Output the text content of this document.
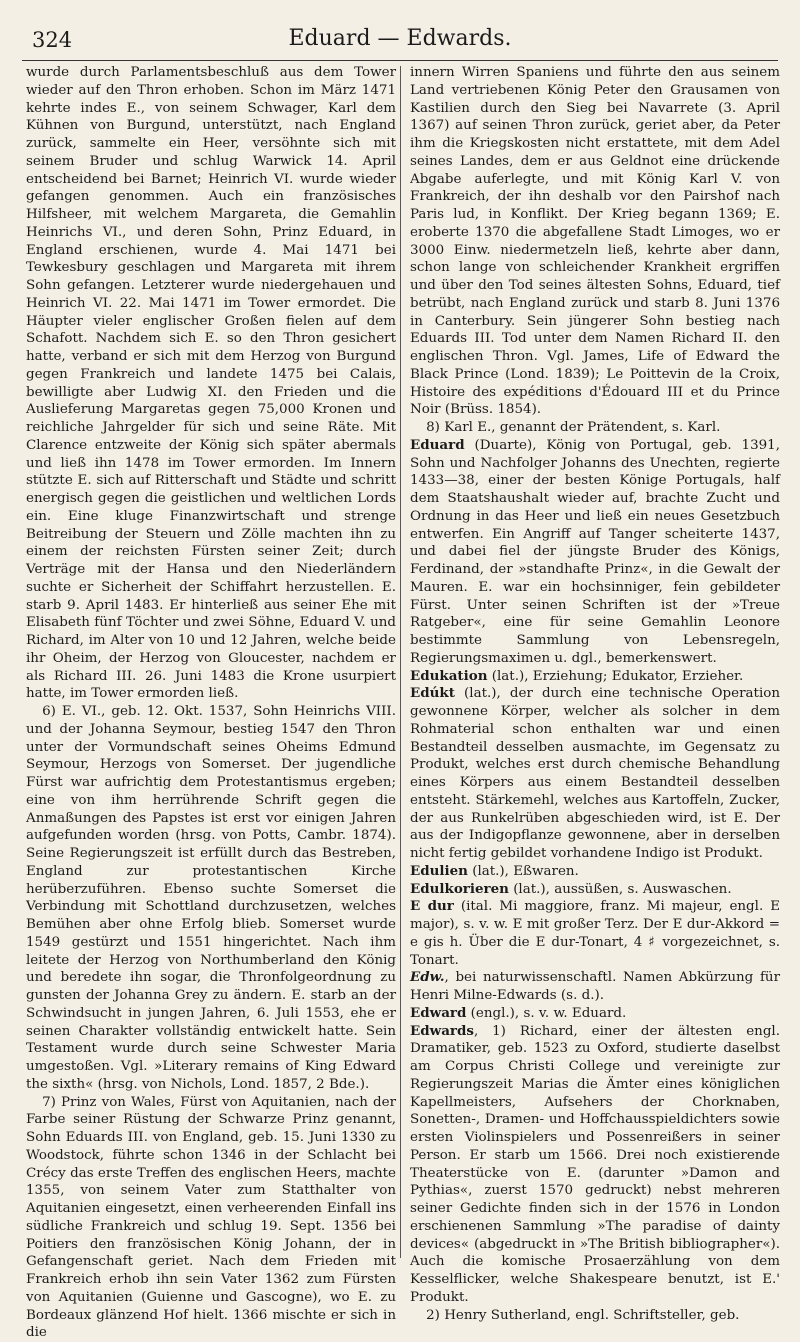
324	Eduard — Edwards.

wurde durch Parlamentsbeschluß aus dem Tower wieder auf den Thron erhoben. Schon im März 1471 kehrte indes E., von seinem Schwager, Karl dem Kühnen von Burgund, unterstützt, nach England zurück, sammelte ein Heer, versöhnte sich mit seinem Bruder und schlug Warwick 14. April entscheidend bei Barnet; Heinrich VI. wurde wieder gefangen genommen. Auch ein französisches Hilfsheer, mit welchem Margareta, die Gemahlin Heinrichs VI., und deren Sohn, Prinz Eduard, in England erschienen, wurde 4. Mai 1471 bei Tewkesbury geschlagen und Margareta mit ihrem Sohn gefangen. Letzterer wurde niedergehauen und Heinrich VI. 22. Mai 1471 im Tower ermordet. Die Häupter vieler englischer Großen fielen auf dem Schafott. Nachdem sich E. so den Thron gesichert hatte, verband er sich mit dem Herzog von Burgund gegen Frankreich und landete 1475 bei Calais, bewilligte aber Ludwig XI. den Frieden und die Auslieferung Margaretas gegen 75,000 Kronen und reichliche Jahrgelder für sich und seine Räte. Mit Clarence entzweite der König sich später abermals und ließ ihn 1478 im Tower ermorden. Im Innern stützte E. sich auf Ritterschaft und Städte und schritt energisch gegen die geistlichen und weltlichen Lords ein. Eine kluge Finanzwirtschaft und strenge Beitreibung der Steuern und Zölle machten ihn zu einem der reichsten Fürsten seiner Zeit; durch Verträge mit der Hansa und den Niederländern suchte er Sicherheit der Schiffahrt herzustellen. E. starb 9. April 1483. Er hinterließ aus seiner Ehe mit Elisabeth fünf Töchter und zwei Söhne, Eduard V. und Richard, im Alter von 10 und 12 Jahren, welche beide ihr Oheim, der Herzog von Gloucester, nachdem er als Richard III. 26. Juni 1483 die Krone usurpiert hatte, im Tower ermorden ließ.

6) E. VI., geb. 12. Okt. 1537, Sohn Heinrichs VIII. und der Johanna Seymour, bestieg 1547 den Thron unter der Vormundschaft seines Oheims Edmund Seymour, Herzogs von Somerset. Der jugendliche Fürst war aufrichtig dem Protestantismus ergeben; eine von ihm herrührende Schrift gegen die Anmaßungen des Papstes ist erst vor einigen Jahren aufgefunden worden (hrsg. von Potts, Cambr. 1874). Seine Regierungszeit ist erfüllt durch das Bestreben, England zur protestantischen Kirche herüberzuführen. Ebenso suchte Somerset die Verbindung mit Schottland durchzusetzen, welches Bemühen aber ohne Erfolg blieb. Somerset wurde 1549 gestürzt und 1551 hingerichtet. Nach ihm leitete der Herzog von Northumberland den König und beredete ihn sogar, die Thronfolgeordnung zu gunsten der Johanna Grey zu ändern. E. starb an der Schwindsucht in jungen Jahren, 6. Juli 1553, ehe er seinen Charakter vollständig entwickelt hatte. Sein Testament wurde durch seine Schwester Maria umgestoßen. Vgl. »Literary remains of King Edward the sixth« (hrsg. von Nichols, Lond. 1857, 2 Bde.).

7) Prinz von Wales, Fürst von Aquitanien, nach der Farbe seiner Rüstung der Schwarze Prinz genannt, Sohn Eduards III. von England, geb. 15. Juni 1330 zu Woodstock, führte schon 1346 in der Schlacht bei Crécy das erste Treffen des englischen Heers, machte 1355, von seinem Vater zum Statthalter von Aquitanien eingesetzt, einen verheerenden Einfall ins südliche Frankreich und schlug 19. Sept. 1356 bei Poitiers den französischen König Johann, der in Gefangenschaft geriet. Nach dem Frieden mit Frankreich erhob ihn sein Vater 1362 zum Fürsten von Aquitanien (Guienne und Gascogne), wo E. zu Bordeaux glänzend Hof hielt. 1366 mischte er sich in die

innern Wirren Spaniens und führte den aus seinem Land vertriebenen König Peter den Grausamen von Kastilien durch den Sieg bei Navarrete (3. April 1367) auf seinen Thron zurück, geriet aber, da Peter ihm die Kriegskosten nicht erstattete, mit dem Adel seines Landes, dem er aus Geldnot eine drückende Abgabe auferlegte, und mit König Karl V. von Frankreich, der ihn deshalb vor den Pairshof nach Paris lud, in Konflikt. Der Krieg begann 1369; E. eroberte 1370 die abgefallene Stadt Limoges, wo er 3000 Einw. niedermetzeln ließ, kehrte aber dann, schon lange von schleichender Krankheit ergriffen und über den Tod seines ältesten Sohns, Eduard, tief betrübt, nach England zurück und starb 8. Juni 1376 in Canterbury. Sein jüngerer Sohn bestieg nach Eduards III. Tod unter dem Namen Richard II. den englischen Thron. Vgl. James, Life of Edward the Black Prince (Lond. 1839); Le Poittevin de la Croix, Histoire des expéditions d'Édouard III et du Prince Noir (Brüss. 1854).

8) Karl E., genannt der Prätendent, s. Karl.

Eduard (Duarte), König von Portugal, geb. 1391, Sohn und Nachfolger Johanns des Unechten, regierte 1433—38, einer der besten Könige Portugals, half dem Staatshaushalt wieder auf, brachte Zucht und Ordnung in das Heer und ließ ein neues Gesetzbuch entwerfen. Ein Angriff auf Tanger scheiterte 1437, und dabei fiel der jüngste Bruder des Königs, Ferdinand, der »standhafte Prinz«, in die Gewalt der Mauren. E. war ein hochsinniger, fein gebildeter Fürst. Unter seinen Schriften ist der »Treue Ratgeber«, eine für seine Gemahlin Leonore bestimmte Sammlung von Lebensregeln, Regierungsmaximen u. dgl., bemerkenswert.

Edukation (lat.), Erziehung; Edukator, Erzieher.

Edúkt (lat.), der durch eine technische Operation gewonnene Körper, welcher als solcher in dem Rohmaterial schon enthalten war und einen Bestandteil desselben ausmachte, im Gegensatz zu Produkt, welches erst durch chemische Behandlung eines Körpers aus einem Bestandteil desselben entsteht. Stärkemehl, welches aus Kartoffeln, Zucker, der aus Runkelrüben abgeschieden wird, ist E. Der aus der Indigopflanze gewonnene, aber in derselben nicht fertig gebildet vorhandene Indigo ist Produkt.

Edulien (lat.), Eßwaren.

Edulkorieren (lat.), aussüßen, s. Auswaschen.

E dur (ital. Mi maggiore, franz. Mi majeur, engl. E major), s. v. w. E mit großer Terz. Der E dur-Akkord = e gis h. Über die E dur-Tonart, 4 ♯ vorgezeichnet, s. Tonart.

Edw., bei naturwissenschaftl. Namen Abkürzung für Henri Milne-Edwards (s. d.).

Edward (engl.), s. v. w. Eduard.

Edwards, 1) Richard, einer der ältesten engl. Dramatiker, geb. 1523 zu Oxford, studierte daselbst am Corpus Christi College und vereinigte zur Regierungszeit Marias die Ämter eines königlichen Kapellmeisters, Aufsehers der Chorknaben, Sonetten-, Dramen- und Hoffchausspieldichters sowie ersten Violinspielers und Possenreißers in seiner Person. Er starb um 1566. Drei noch existierende Theaterstücke von E. (darunter »Damon and Pythias«, zuerst 1570 gedruckt) nebst mehreren seiner Gedichte finden sich in der 1576 in London erschienenen Sammlung »The paradise of dainty devices« (abgedruckt in »The British bibliographer«). Auch die komische Prosaerzählung von dem Kesselflicker, welche Shakespeare benutzt, ist E.' Produkt.

2) Henry Sutherland, engl. Schriftsteller, geb.
